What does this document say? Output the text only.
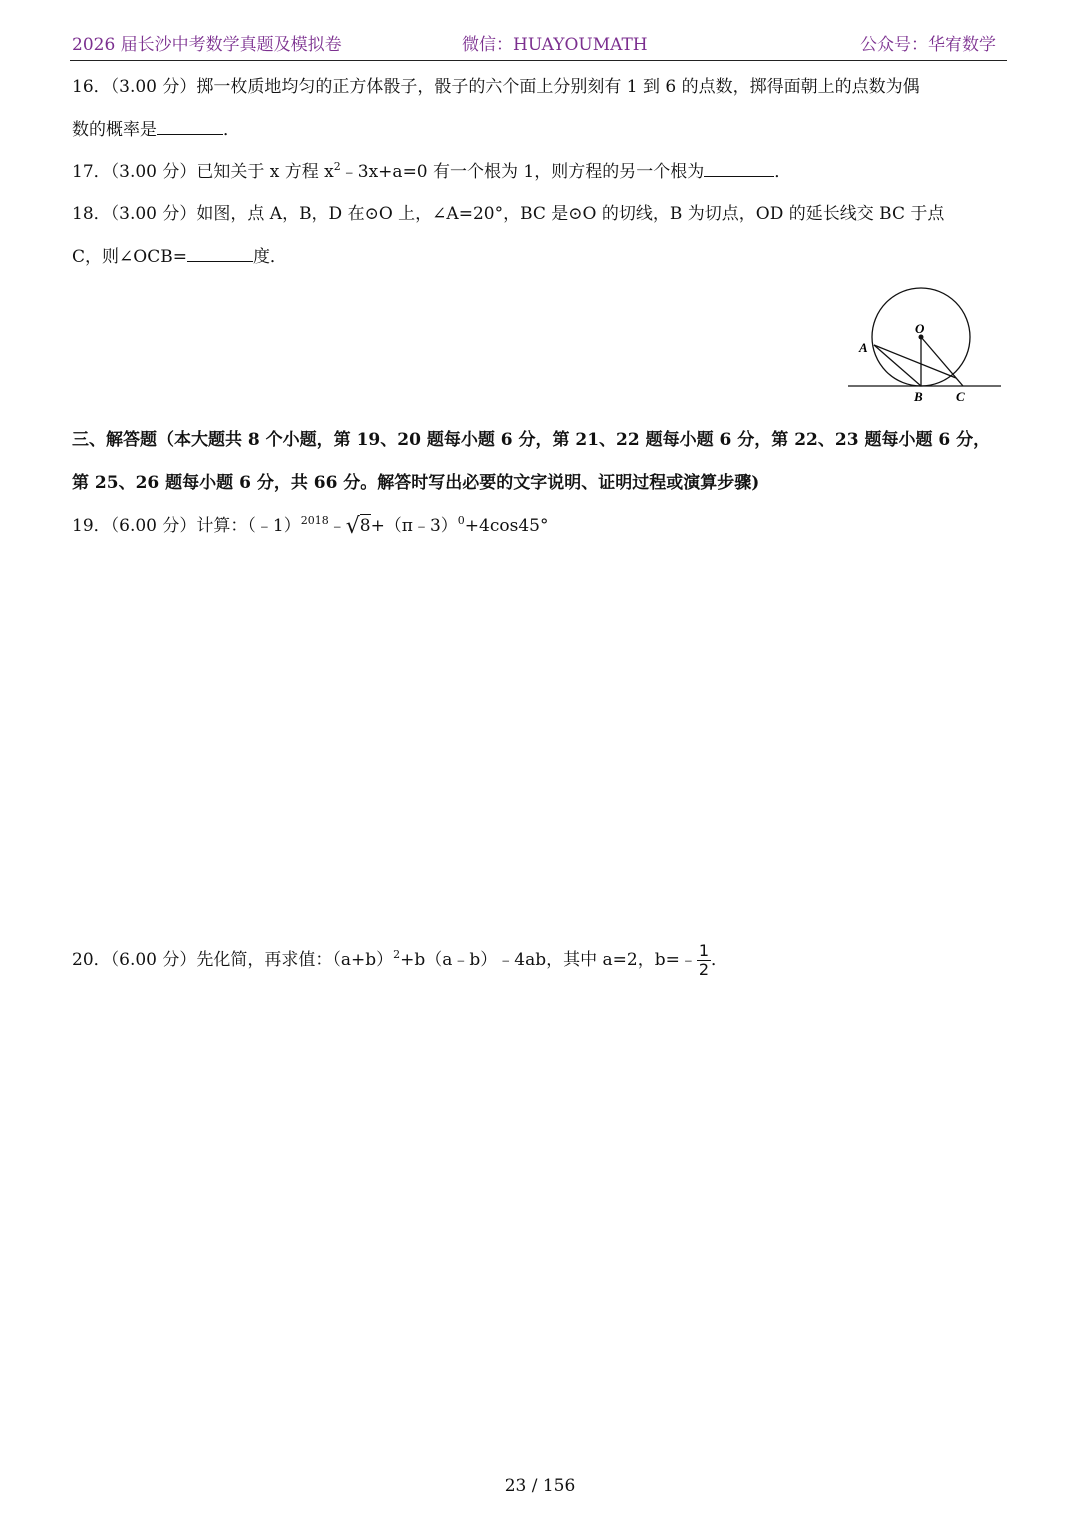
2026 届长沙中考数学真题及模拟卷	微信：HUAYOUMATH	公众号：华宥数学
16．（3.00 分）掷一枚质地均匀的正方体骰子，骰子的六个面上分别刻有 1 到 6 的点数，掷得面朝上的点数为偶
数的概率是	．
17．（3.00 分）已知关于 x 方程 $x^2﹣3x+a=0$ 有一个根为 1，则方程的另一个根为	．
18．（3.00 分）如图，点 A，B，D 在⊙O 上，∠A=20°，BC 是⊙O 的切线，B 为切点，OD 的延长线交 BC 于点
C，则∠OCB=	度．
O
A
B	C
三、解答题（本大题共 8 个小题，第 19、20 题每小题 6 分，第 21、22 题每小题 6 分，第 22、23 题每小题 6 分，
第 25、26 题每小题 6 分，共 66 分。解答时写出必要的文字说明、证明过程或演算步骤)
19．（6.00 分）计算：（﹣1）$^{2018}$﹣√8+（π﹣3）$^0$+4cos45°
20．（6.00 分）先化简，再求值：$(a+b)^2+b(a﹣b)﹣4ab$，其中 a=2，b=﹣ $\frac{1}{2}$ ．
23 / 156
